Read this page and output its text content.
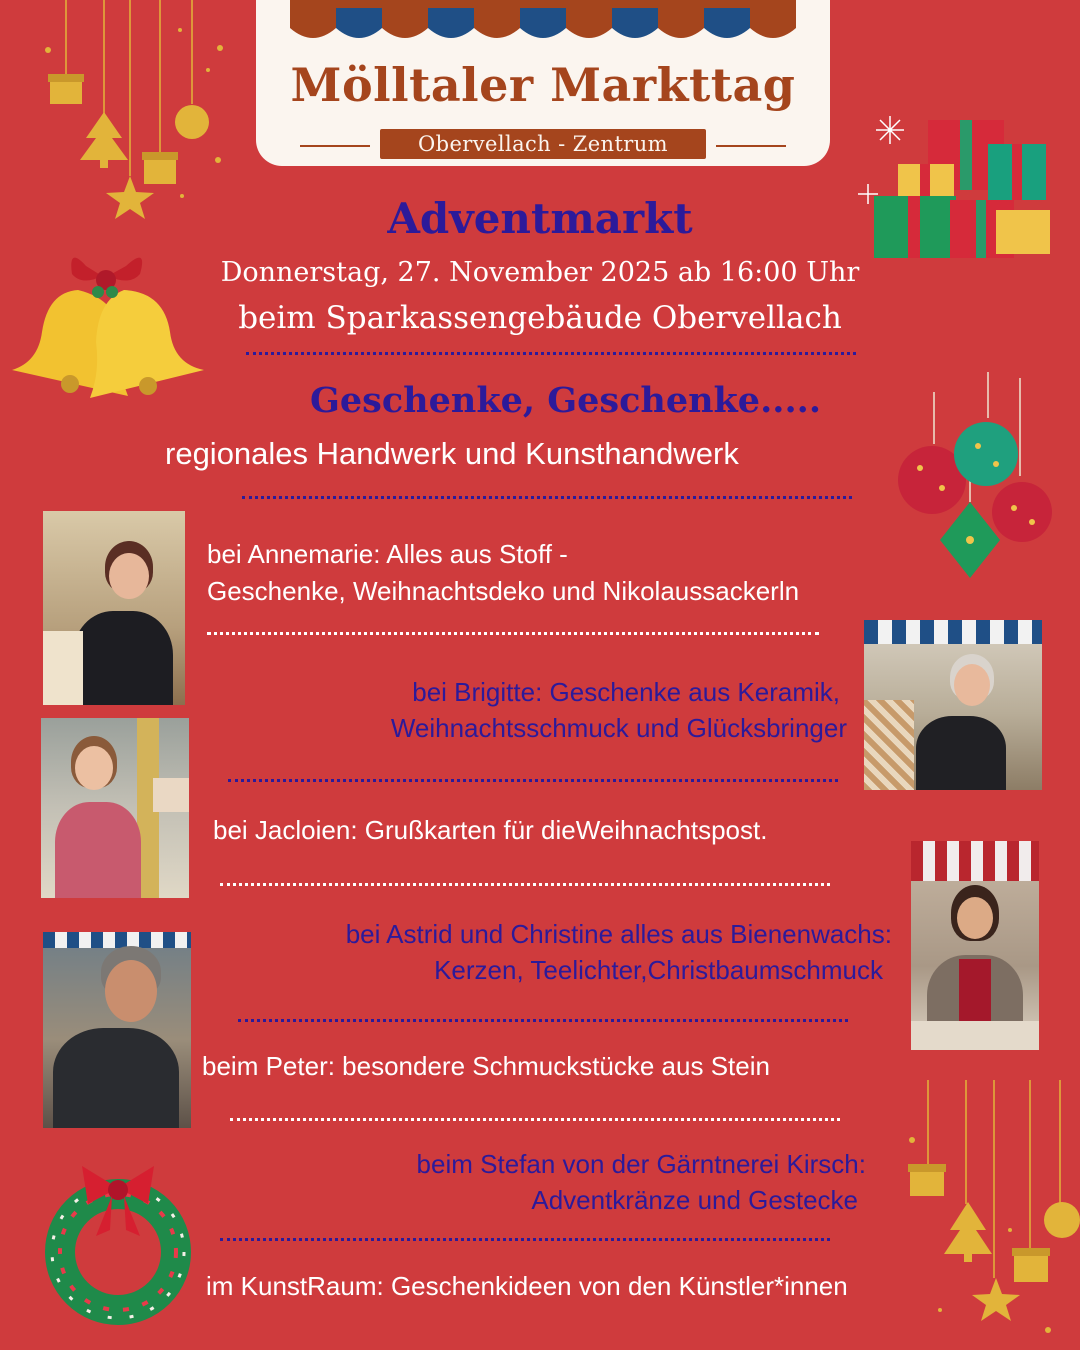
Mölltaler Markttag
Obervellach - Zentrum
Adventmarkt
Donnerstag, 27. November 2025 ab 16:00 Uhr
beim Sparkassengebäude Obervellach
Geschenke, Geschenke.....
regionales Handwerk und Kunsthandwerk
bei Annemarie: Alles aus Stoff -
Geschenke, Weihnachtsdeko und Nikolaussackerln
bei Brigitte: Geschenke aus Keramik,
Weihnachtsschmuck und Glücksbringer
bei Jacloien: Grußkarten für dieWeihnachtspost.
bei Astrid und Christine alles aus Bienenwachs:
Kerzen, Teelichter,Christbaumschmuck
beim Peter: besondere Schmuckstücke aus Stein
beim Stefan von der Gärntnerei Kirsch:
Adventkränze und Gestecke
im KunstRaum: Geschenkideen von den Künstler*innen
